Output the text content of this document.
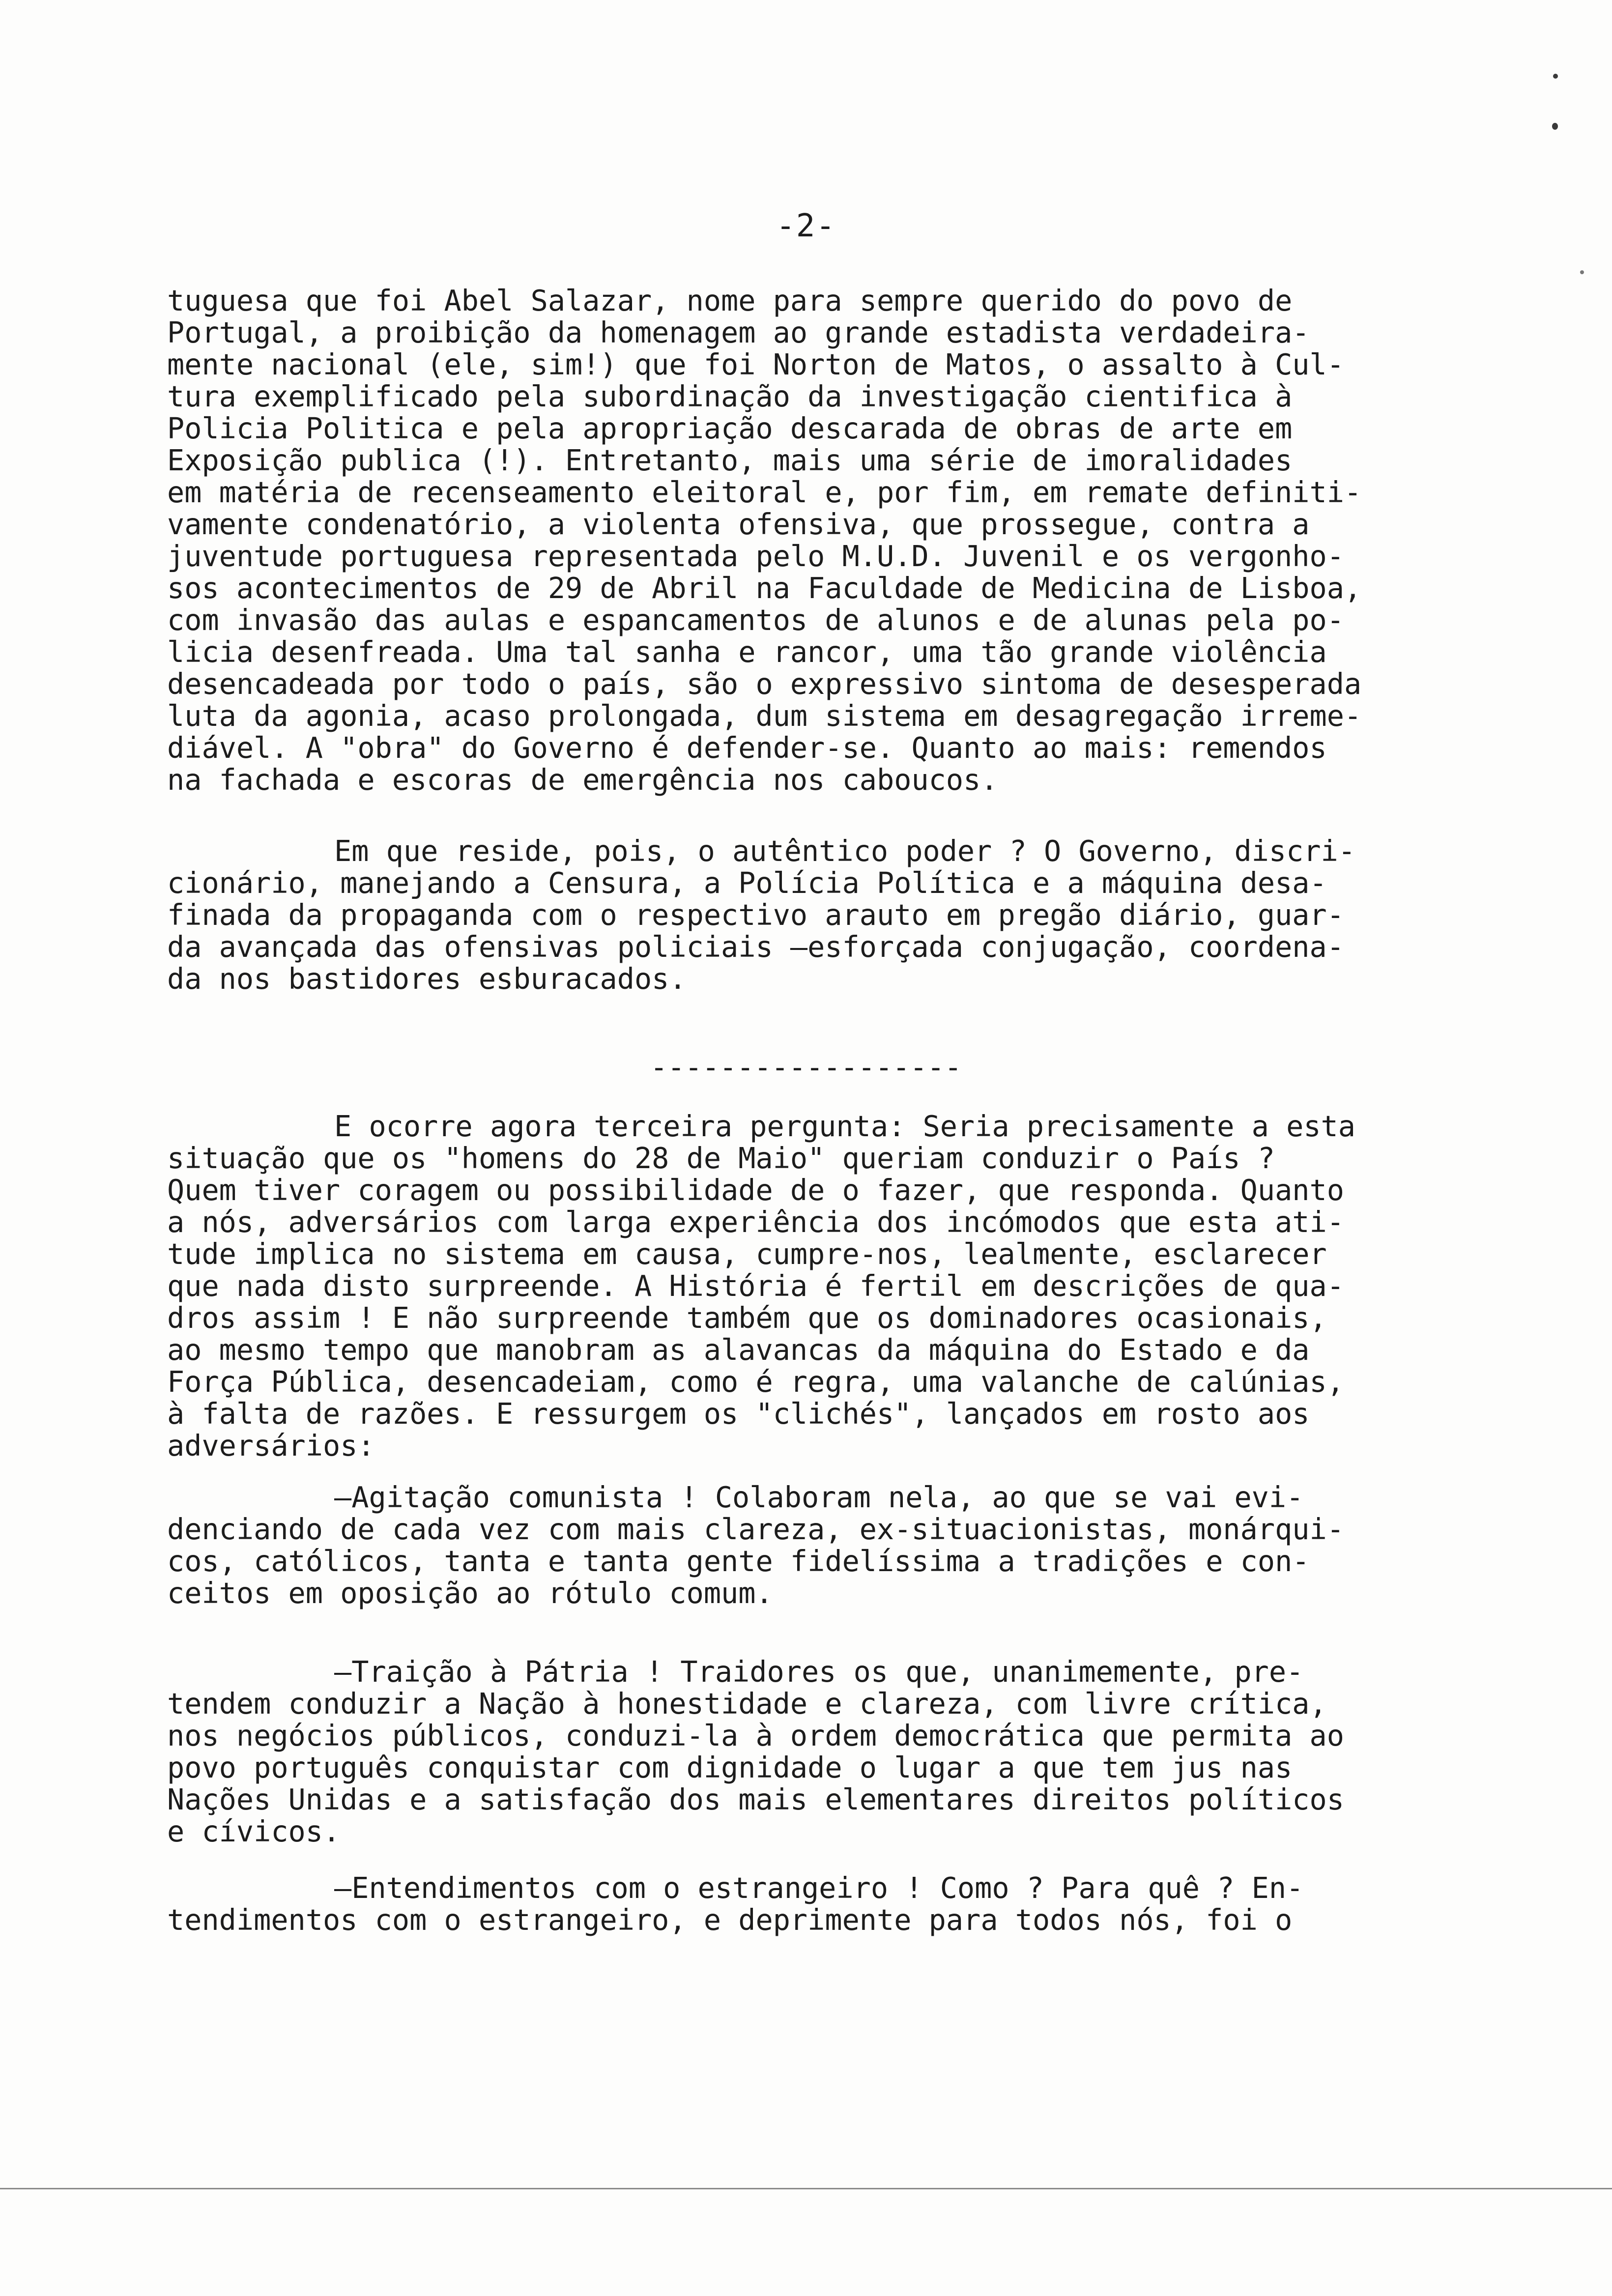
-2-
tuguesa que foi Abel Salazar, nome para sempre querido do povo de
Portugal, a proibição da homenagem ao grande estadista verdadeira-
mente nacional (ele, sim!) que foi Norton de Matos, o assalto à Cul-
tura exemplificado pela subordinação da investigação cientifica à
Policia Politica e pela apropriação descarada de obras de arte em
Exposição publica (!). Entretanto, mais uma série de imoralidades
em matéria de recenseamento eleitoral e, por fim, em remate definiti-
vamente condenatório, a violenta ofensiva, que prossegue, contra a
juventude portuguesa representada pelo M.U.D. Juvenil e os vergonho-
sos acontecimentos de 29 de Abril na Faculdade de Medicina de Lisboa,
com invasão das aulas e espancamentos de alunos e de alunas pela po-
licia desenfreada. Uma tal sanha e rancor, uma tão grande violência
desencadeada por todo o país, são o expressivo sintoma de desesperada
luta da agonia, acaso prolongada, dum sistema em desagregação irreme-
diável. A "obra" do Governo é defender-se. Quanto ao mais: remendos
na fachada e escoras de emergência nos caboucos.
Em que reside, pois, o autêntico poder ? O Governo, discri-
cionário, manejando a Censura, a Polícia Política e a máquina desa-
finada da propaganda com o respectivo arauto em pregão diário, guar-
da avançada das ofensivas policiais —esforçada conjugação, coordena-
da nos bastidores esburacados.
------------------
E ocorre agora terceira pergunta: Seria precisamente a esta
situação que os "homens do 28 de Maio" queriam conduzir o País ?
Quem tiver coragem ou possibilidade de o fazer, que responda. Quanto
a nós, adversários com larga experiência dos incómodos que esta ati-
tude implica no sistema em causa, cumpre-nos, lealmente, esclarecer
que nada disto surpreende. A História é fertil em descrições de qua-
dros assim ! E não surpreende também que os dominadores ocasionais,
ao mesmo tempo que manobram as alavancas da máquina do Estado e da
Força Pública, desencadeiam, como é regra, uma valanche de calúnias,
à falta de razões. E ressurgem os "clichés", lançados em rosto aos
adversários:
—Agitação comunista ! Colaboram nela, ao que se vai evi-
denciando de cada vez com mais clareza, ex-situacionistas, monárqui-
cos, católicos, tanta e tanta gente fidelíssima a tradições e con-
ceitos em oposição ao rótulo comum.
—Traição à Pátria ! Traidores os que, unanimemente, pre-
tendem conduzir a Nação à honestidade e clareza, com livre crítica,
nos negócios públicos, conduzi-la à ordem democrática que permita ao
povo português conquistar com dignidade o lugar a que tem jus nas
Nações Unidas e a satisfação dos mais elementares direitos políticos
e cívicos.
—Entendimentos com o estrangeiro ! Como ? Para quê ? En-
tendimentos com o estrangeiro, e deprimente para todos nós, foi o
